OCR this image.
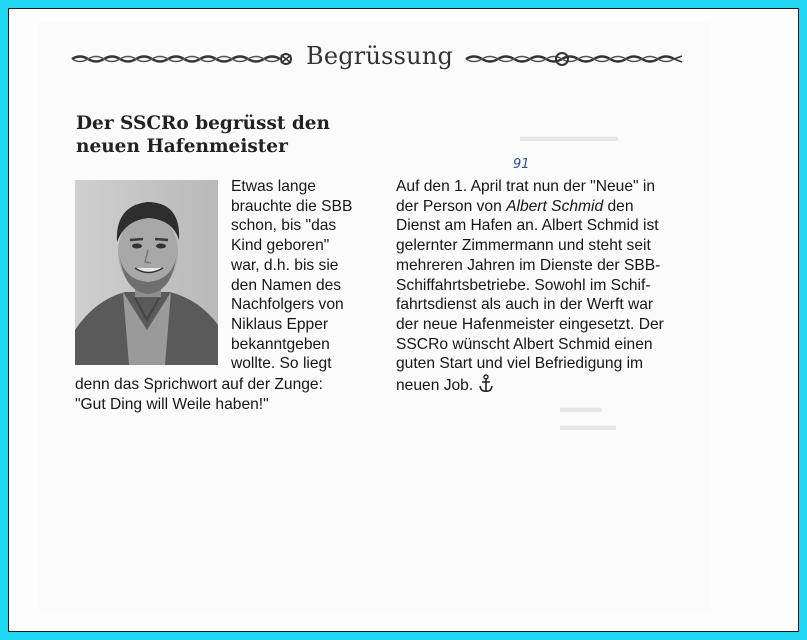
▬▬▬▬▬▬▬
▬▬▬
▬▬▬▬
Begrüssung
Der SSCRo begrüsst den
neuen Hafenmeister
Etwas lange
brauchte die SBB
schon, bis "das
Kind geboren"
war, d.h. bis sie
den Namen des
Nachfolgers von
Niklaus Epper
bekanntgeben
wollte. So liegt
denn das Sprichwort auf der Zunge:
"Gut Ding will Weile haben!"
91
Auf den 1. April trat nun der "Neue" in
der Person von Albert Schmid den
Dienst am Hafen an. Albert Schmid ist
gelernter Zimmermann und steht seit
mehreren Jahren im Dienste der SBB-
Schiffahrtsbetriebe. Sowohl im Schif-
fahrtsdienst als auch in der Werft war
der neue Hafenmeister eingesetzt. Der
SSCRo wünscht Albert Schmid einen
guten Start und viel Befriedigung im
neuen Job.
